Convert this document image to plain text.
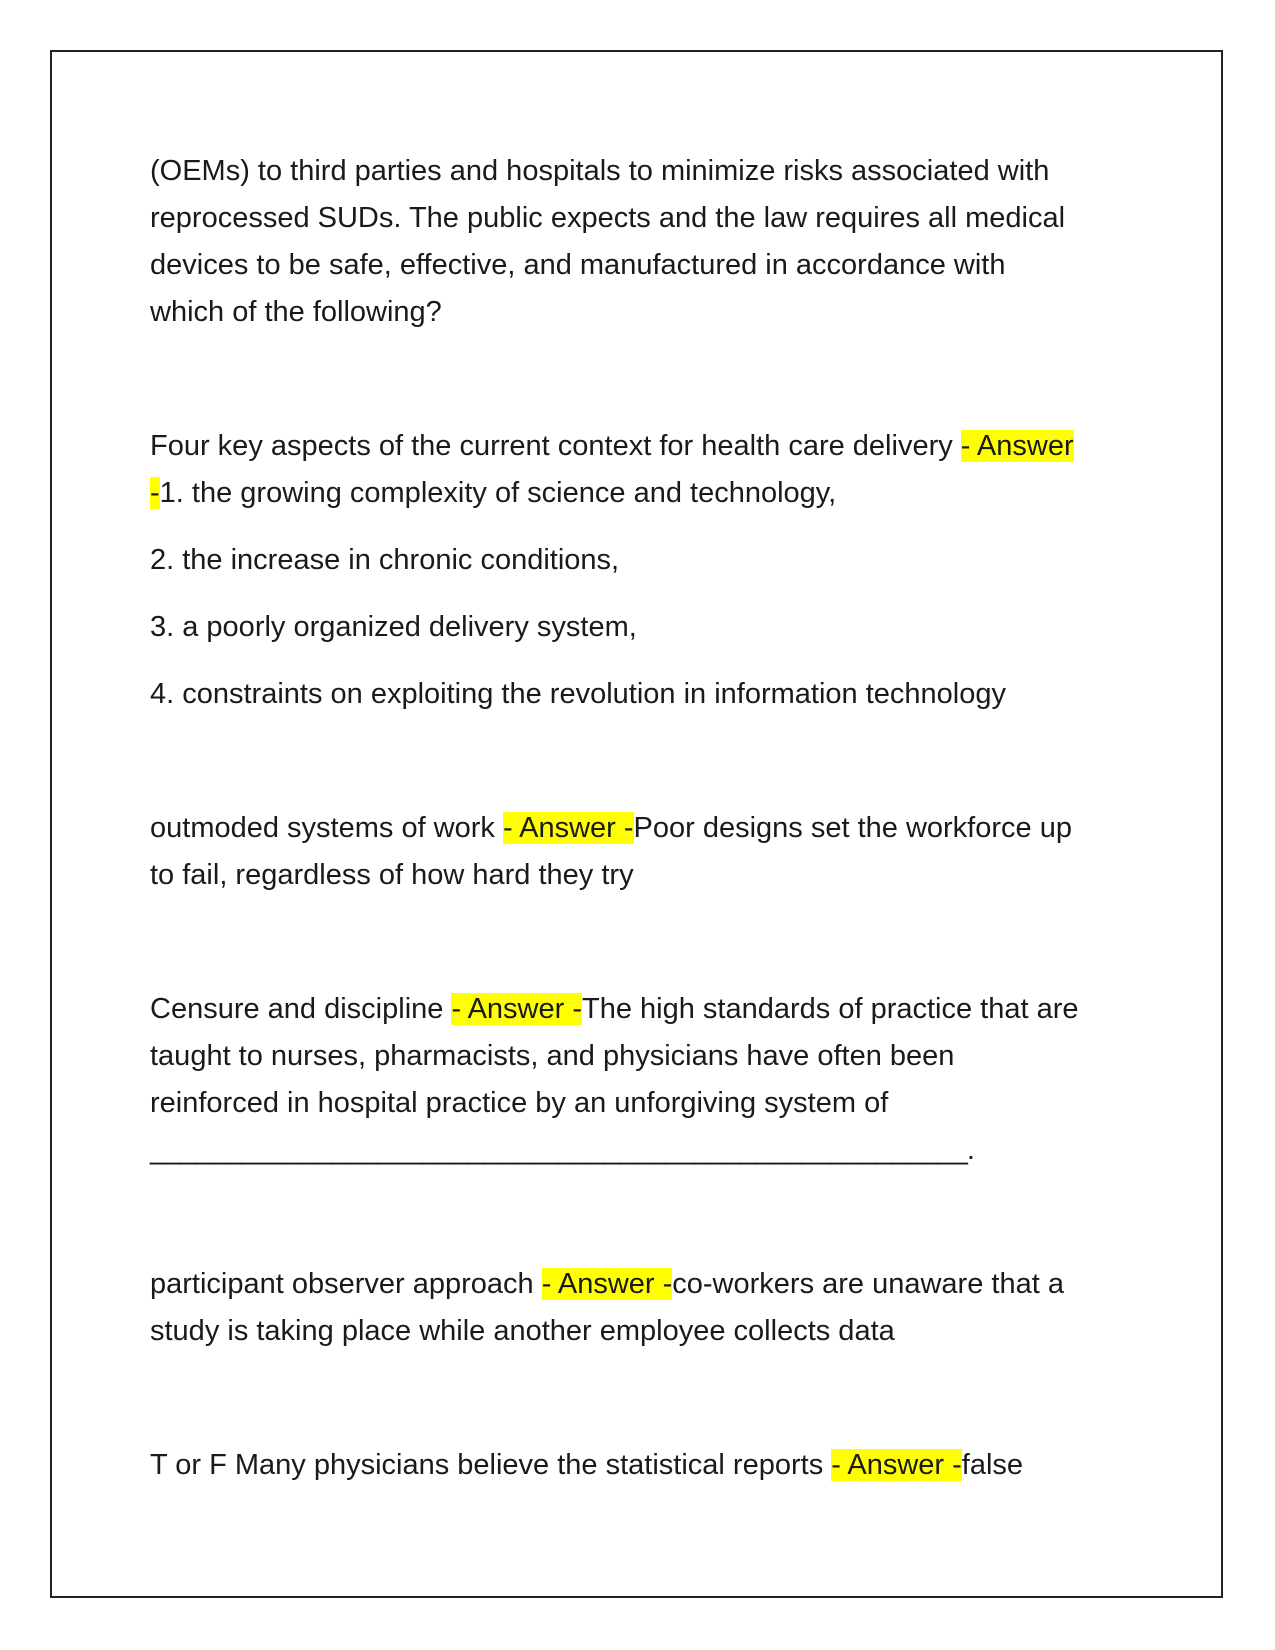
(OEMs) to third parties and hospitals to minimize risks associated with
reprocessed SUDs. The public expects and the law requires all medical
devices to be safe, effective, and manufactured in accordance with
which of the following?
Four key aspects of the current context for health care delivery - Answer
-1. the growing complexity of science and technology,
2. the increase in chronic conditions,
3. a poorly organized delivery system,
4. constraints on exploiting the revolution in information technology
outmoded systems of work - Answer -Poor designs set the workforce up
to fail, regardless of how hard they try
Censure and discipline - Answer -The high standards of practice that are
taught to nurses, pharmacists, and physicians have often been
reinforced in hospital practice by an unforgiving system of
______________________________________________________.
participant observer approach - Answer -co-workers are unaware that a
study is taking place while another employee collects data
T or F Many physicians believe the statistical reports - Answer -false
